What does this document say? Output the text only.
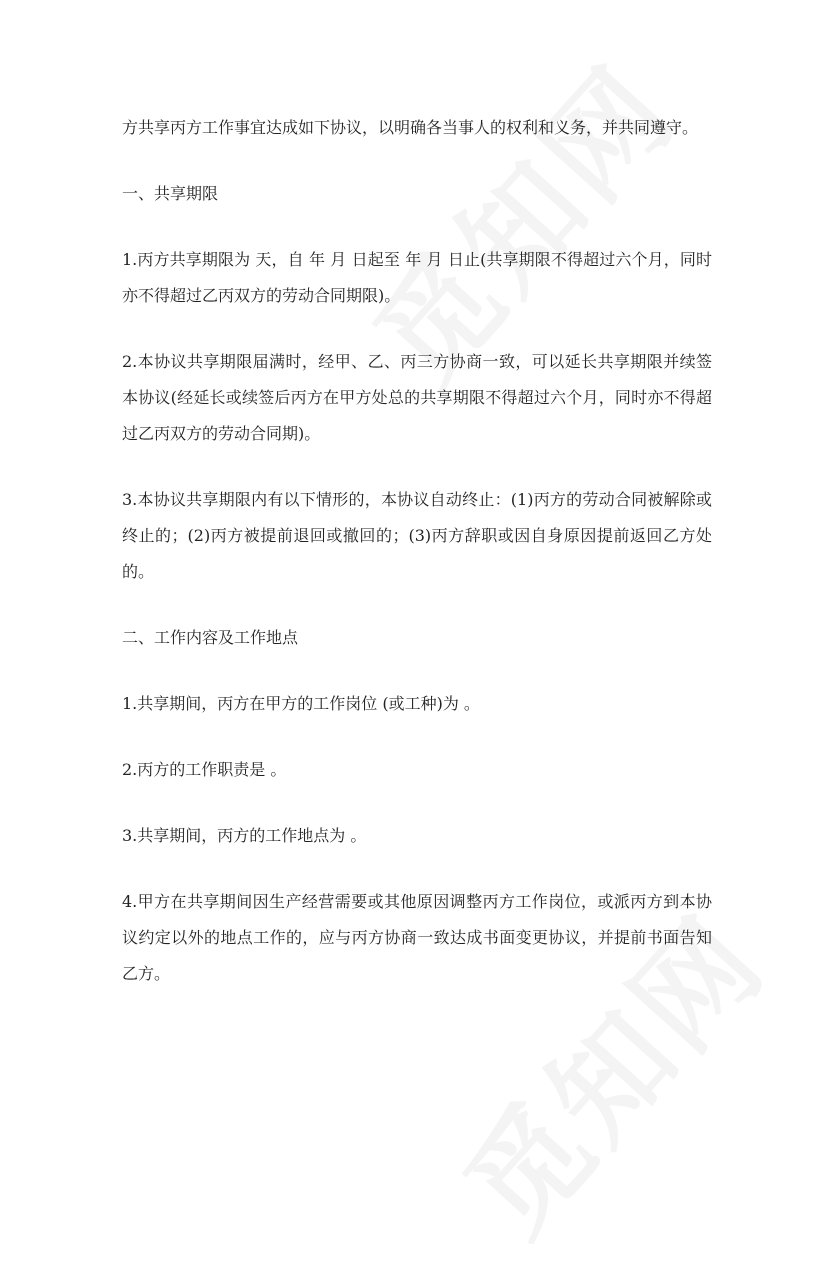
方共享丙方工作事宜达成如下协议，以明确各当事人的权利和义务，并共同遵守。

一、共享期限

1.丙方共享期限为 天，自 年 月 日起至 年 月 日止(共享期限不得超过六个月，同时亦不得超过乙丙双方的劳动合同期限)。

2.本协议共享期限届满时，经甲、乙、丙三方协商一致，可以延长共享期限并续签本协议(经延长或续签后丙方在甲方处总的共享期限不得超过六个月，同时亦不得超过乙丙双方的劳动合同期)。

3.本协议共享期限内有以下情形的，本协议自动终止：(1)丙方的劳动合同被解除或终止的；(2)丙方被提前退回或撤回的；(3)丙方辞职或因自身原因提前返回乙方处的。

二、工作内容及工作地点

1.共享期间，丙方在甲方的工作岗位 (或工种)为 。

2.丙方的工作职责是 。

3.共享期间，丙方的工作地点为 。

4.甲方在共享期间因生产经营需要或其他原因调整丙方工作岗位，或派丙方到本协议约定以外的地点工作的，应与丙方协商一致达成书面变更协议，并提前书面告知乙方。
